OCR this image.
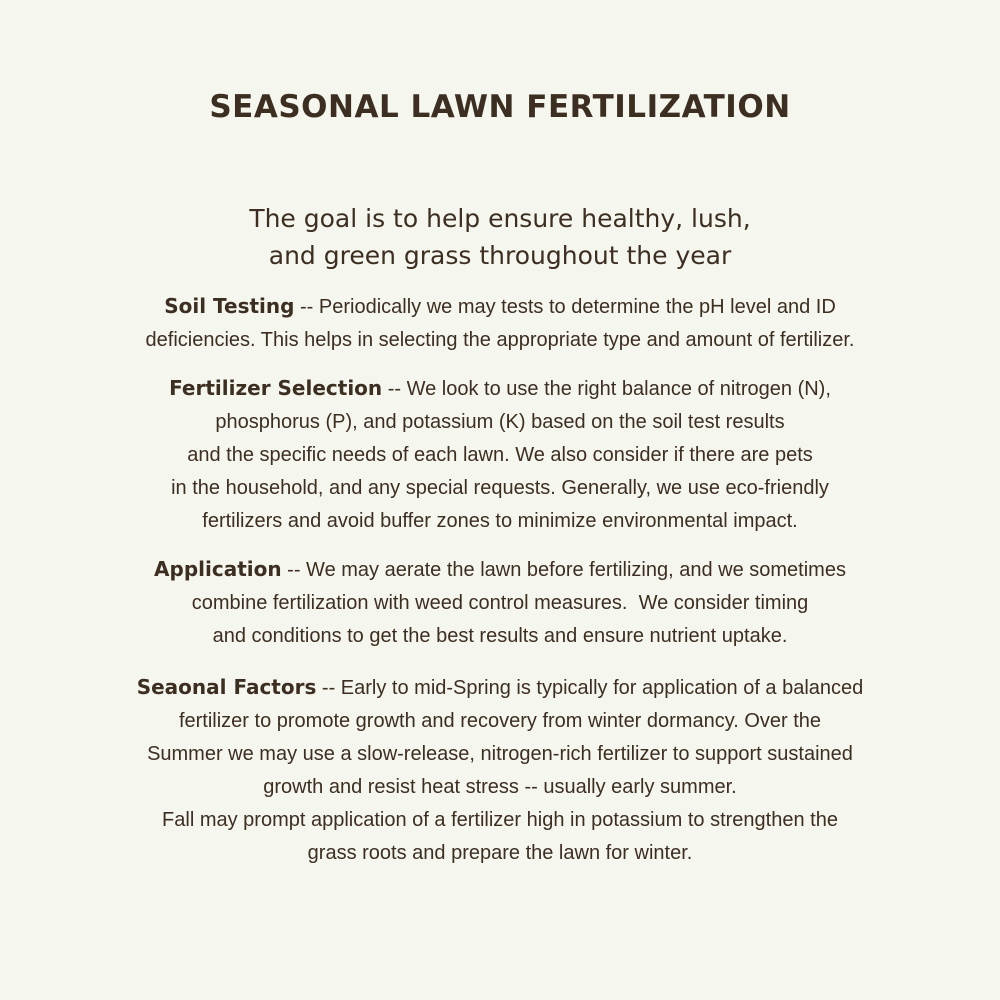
SEASONAL LAWN FERTILIZATION
The goal is to help ensure healthy, lush,
and green grass throughout the year
Soil Testing -- Periodically we may tests to determine the pH level and ID
deficiencies. This helps in selecting the appropriate type and amount of fertilizer.
Fertilizer Selection -- We look to use the right balance of nitrogen (N),
phosphorus (P), and potassium (K) based on the soil test results
and the specific needs of each lawn. We also consider if there are pets
in the household, and any special requests. Generally, we use eco-friendly
fertilizers and avoid buffer zones to minimize environmental impact.
Application -- We may aerate the lawn before fertilizing, and we sometimes
combine fertilization with weed control measures.  We consider timing
and conditions to get the best results and ensure nutrient uptake.
Seaonal Factors -- Early to mid-Spring is typically for application of a balanced
fertilizer to promote growth and recovery from winter dormancy. Over the
Summer we may use a slow-release, nitrogen-rich fertilizer to support sustained
growth and resist heat stress -- usually early summer.
Fall may prompt application of a fertilizer high in potassium to strengthen the
grass roots and prepare the lawn for winter.
